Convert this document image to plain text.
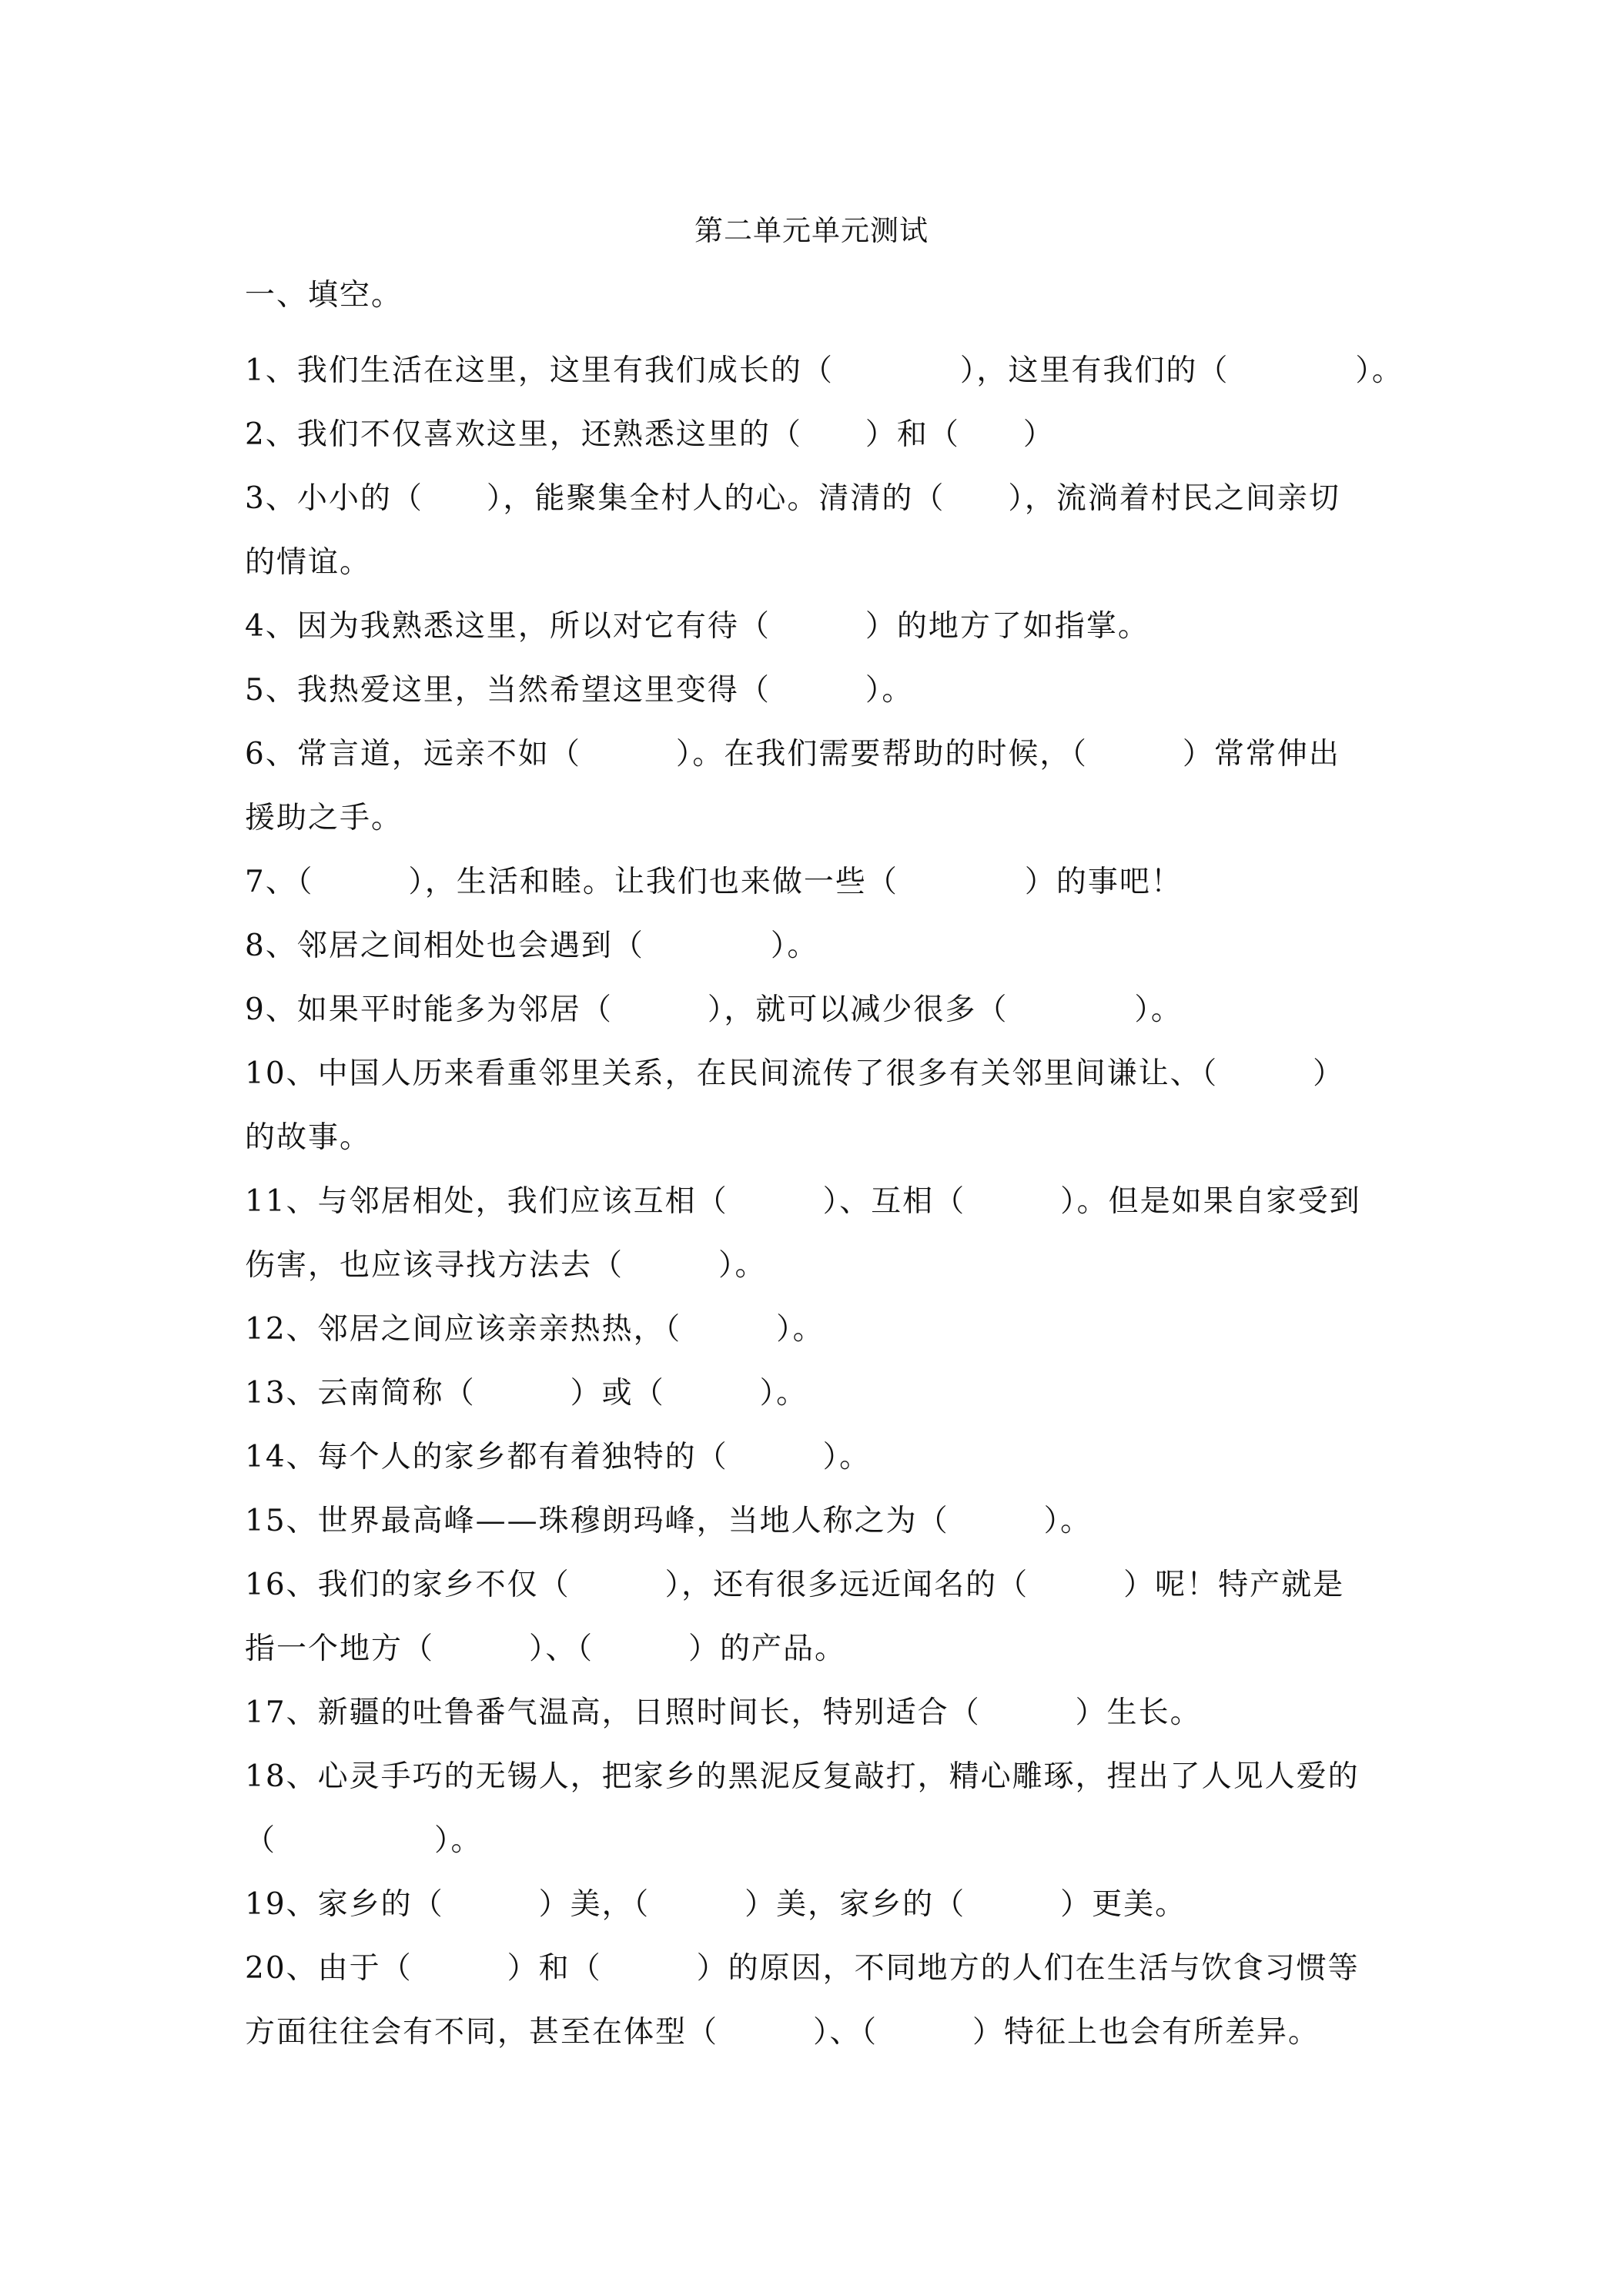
第二单元单元测试
一、填空。
1、我们生活在这里，这里有我们成长的（　　　　），这里有我们的（　　　　）。
2、我们不仅喜欢这里，还熟悉这里的（　　）和（　　）
3、小小的（　　），能聚集全村人的心。清清的（　　），流淌着村民之间亲切
的情谊。
4、因为我熟悉这里，所以对它有待（　　　）的地方了如指掌。
5、我热爱这里，当然希望这里变得（　　　）。
6、常言道，远亲不如（　　　）。在我们需要帮助的时候，（　　　）常常伸出
援助之手。
7、（　　　），生活和睦。让我们也来做一些（　　　　）的事吧！
8、邻居之间相处也会遇到（　　　　）。
9、如果平时能多为邻居（　　　），就可以减少很多（　　　　）。
10、中国人历来看重邻里关系，在民间流传了很多有关邻里间谦让、（　　　）
的故事。
11、与邻居相处，我们应该互相（　　　）、互相（　　　）。但是如果自家受到
伤害，也应该寻找方法去（　　　）。
12、邻居之间应该亲亲热热，（　　　）。
13、云南简称（　　　）或（　　　）。
14、每个人的家乡都有着独特的（　　　）。
15、世界最高峰——珠穆朗玛峰，当地人称之为（　　　）。
16、我们的家乡不仅（　　　），还有很多远近闻名的（　　　）呢！特产就是
指一个地方（　　　）、（　　　）的产品。
17、新疆的吐鲁番气温高，日照时间长，特别适合（　　　）生长。
18、心灵手巧的无锡人，把家乡的黑泥反复敲打，精心雕琢，捏出了人见人爱的
（　　　　　）。
19、家乡的（　　　）美，（　　　）美，家乡的（　　　）更美。
20、由于（　　　）和（　　　）的原因，不同地方的人们在生活与饮食习惯等
方面往往会有不同，甚至在体型（　　　）、（　　　）特征上也会有所差异。
